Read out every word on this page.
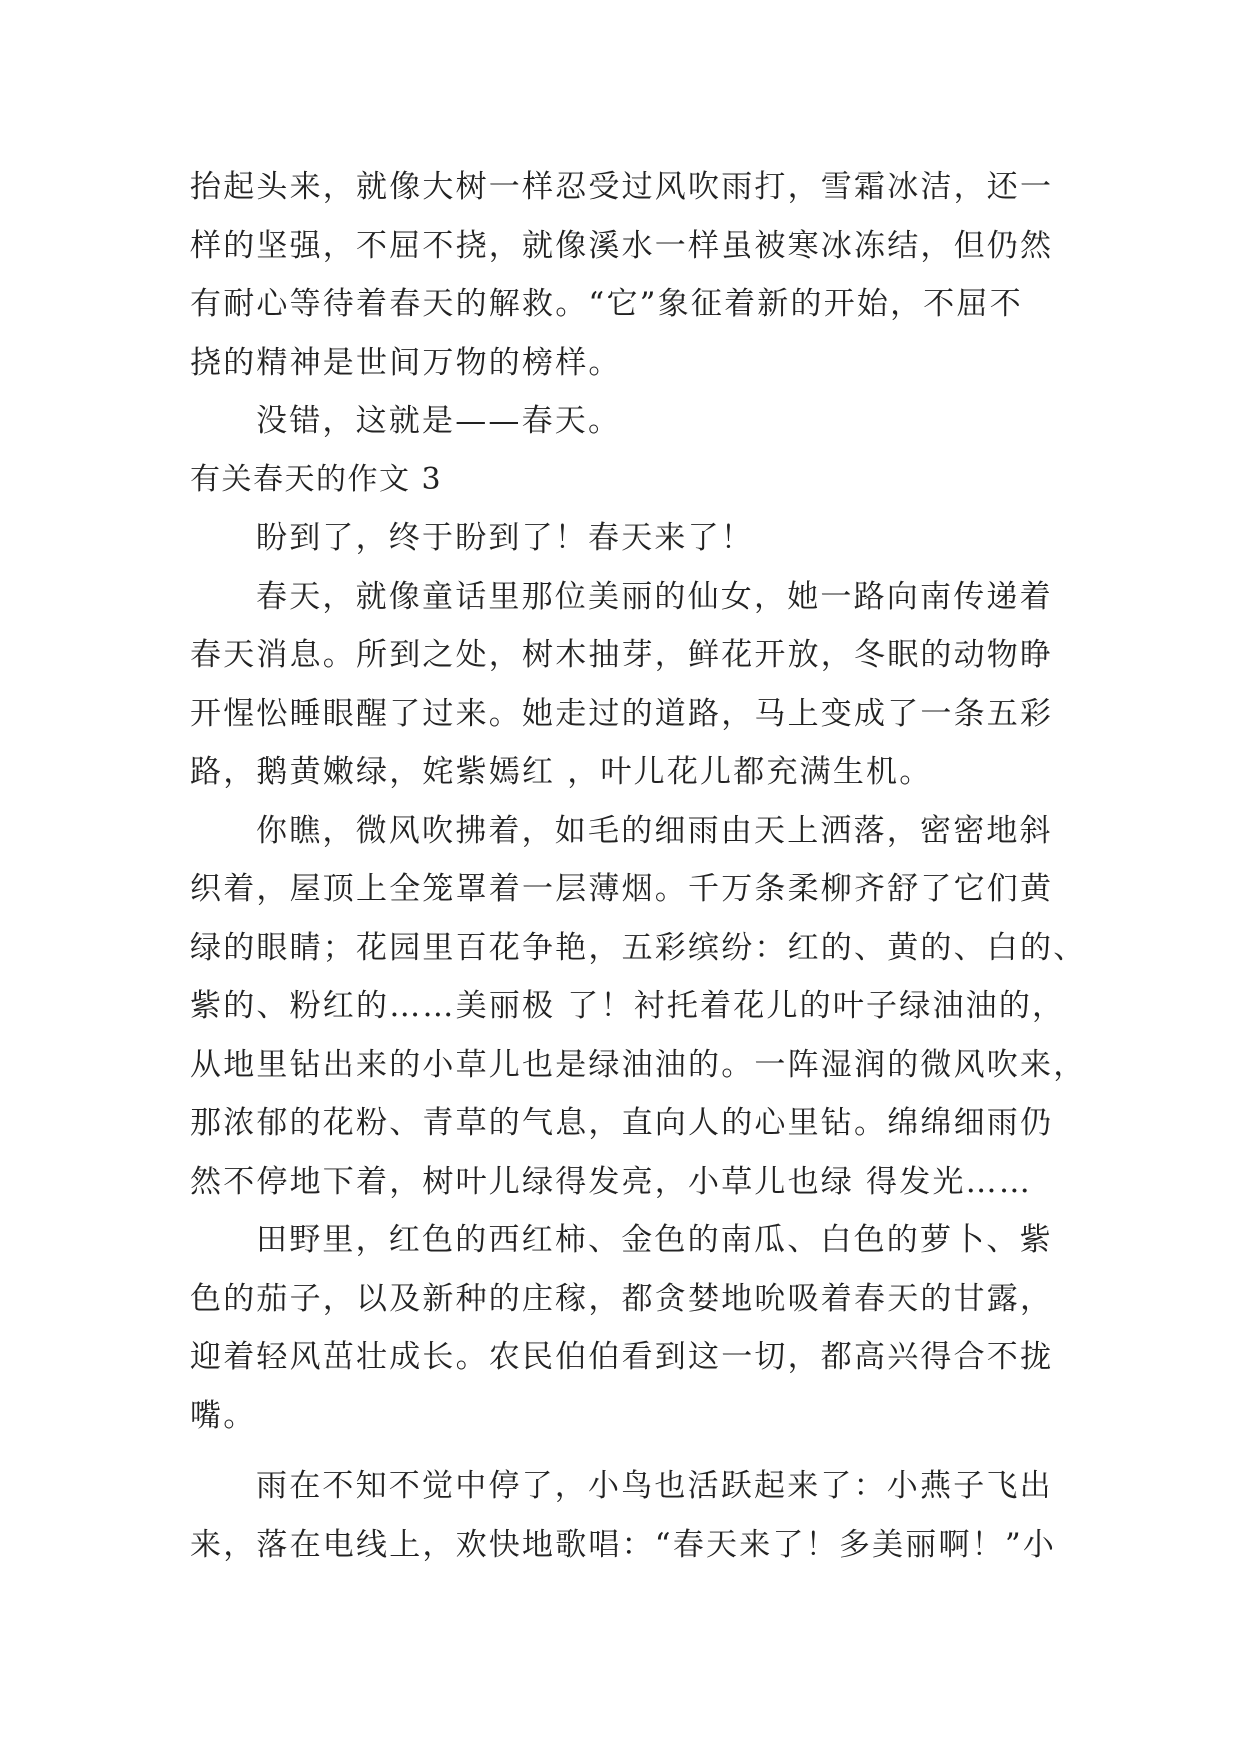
抬起头来，就像大树一样忍受过风吹雨打，雪霜冰洁，还一
样的坚强，不屈不挠，就像溪水一样虽被寒冰冻结，但仍然
有耐心等待着春天的解救。“它”象征着新的开始，不屈不
挠的精神是世间万物的榜样。
没错，这就是——春天。
有关春天的作文 3
盼到了，终于盼到了！春天来了！
春天，就像童话里那位美丽的仙女，她一路向南传递着
春天消息。所到之处，树木抽芽，鲜花开放，冬眠的动物睁
开惺忪睡眼醒了过来。她走过的道路，马上变成了一条五彩
路，鹅黄嫩绿，姹紫嫣红 ，叶儿花儿都充满生机。
你瞧，微风吹拂着，如毛的细雨由天上洒落，密密地斜
织着，屋顶上全笼罩着一层薄烟。千万条柔柳齐舒了它们黄
绿的眼睛；花园里百花争艳，五彩缤纷：红的、黄的、白的、
紫的、粉红的……美丽极 了！衬托着花儿的叶子绿油油的，
从地里钻出来的小草儿也是绿油油的。一阵湿润的微风吹来，
那浓郁的花粉、青草的气息，直向人的心里钻。绵绵细雨仍
然不停地下着，树叶儿绿得发亮，小草儿也绿 得发光……
田野里，红色的西红柿、金色的南瓜、白色的萝卜、紫
色的茄子，以及新种的庄稼，都贪婪地吮吸着春天的甘露，
迎着轻风茁壮成长。农民伯伯看到这一切，都高兴得合不拢
嘴。
雨在不知不觉中停了，小鸟也活跃起来了：小燕子飞出
来，落在电线上，欢快地歌唱：“春天来了！多美丽啊！”小
